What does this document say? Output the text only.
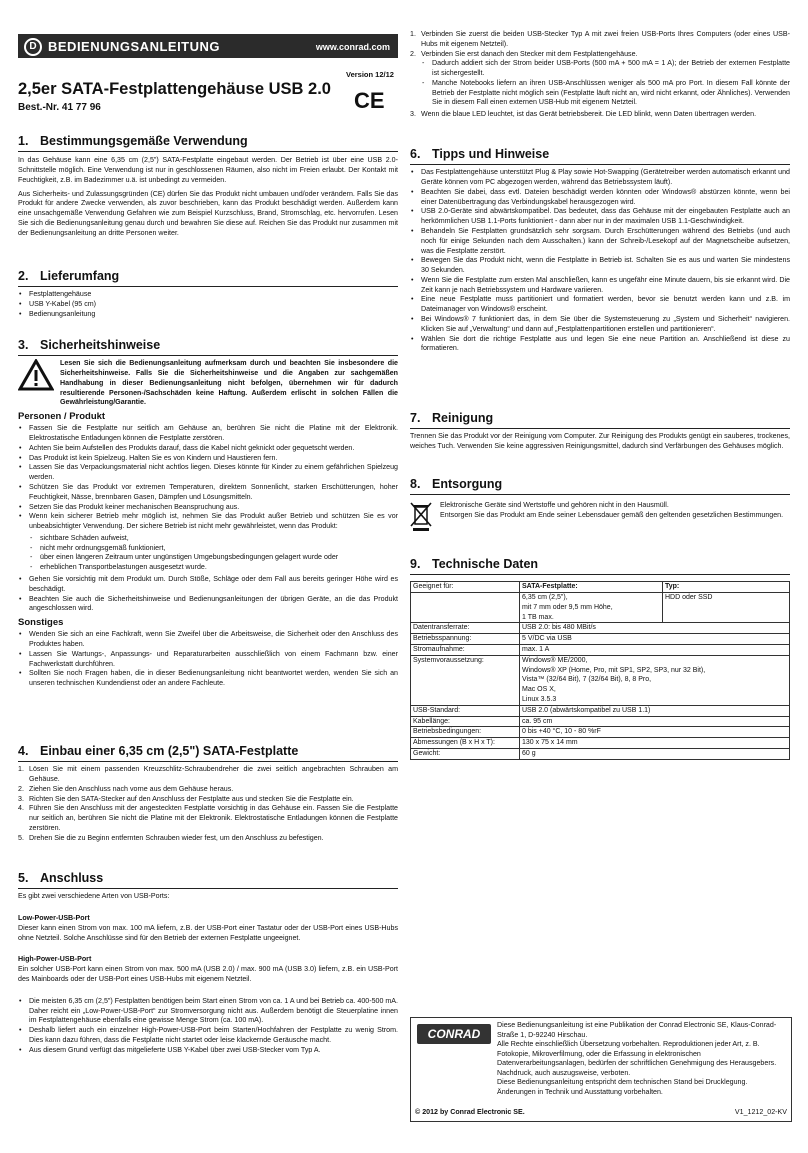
D BEDIENUNGSANLEITUNG	www.conrad.com
2,5er SATA-Festplattengehäuse USB 2.0
Version 12/12
Best.-Nr. 41 77 96	CE
1. Bestimmungsgemäße Verwendung

In das Gehäuse kann eine 6,35 cm (2,5") SATA-Festplatte eingebaut werden. Der Betrieb ist über eine USB 2.0-Schnittstelle möglich. Eine Verwendung ist nur in geschlossenen Räumen, also nicht im Freien erlaubt. Der Kontakt mit Feuchtigkeit, z.B. im Badezimmer u.ä. ist unbedingt zu vermeiden.

Aus Sicherheits- und Zulassungsgründen (CE) dürfen Sie das Produkt nicht umbauen und/oder verändern. Falls Sie das Produkt für andere Zwecke verwenden, als zuvor beschrieben, kann das Produkt beschädigt werden. Außerdem kann eine unsachgemäße Verwendung Gefahren wie zum Beispiel Kurzschluss, Brand, Stromschlag, etc. hervorrufen. Lesen Sie sich die Bedienungsanleitung genau durch und bewahren Sie diese auf. Reichen Sie das Produkt nur zusammen mit der Bedienungsanleitung an dritte Personen weiter.

2. Lieferumfang
• Festplattengehäuse
• USB Y-Kabel (95 cm)
• Bedienungsanleitung
3. Sicherheitshinweise
Lesen Sie sich die Bedienungsanleitung aufmerksam durch und beachten Sie insbesondere die Sicherheitshinweise. Falls Sie die Sicherheitshinweise und die Angaben zur sachgemäßen Handhabung in dieser Bedienungsanleitung nicht befolgen, übernehmen wir für dadurch resultierende Personen-/Sachschäden keine Haftung. Außerdem erlischt in solchen Fällen die Gewährleistung/Garantie.
Personen / Produkt
• Fassen Sie die Festplatte nur seitlich am Gehäuse an, berühren Sie nicht die Platine mit der Elektronik. Elektrostatische Entladungen können die Festplatte zerstören.
• Achten Sie beim Aufstellen des Produkts darauf, dass die Kabel nicht geknickt oder gequetscht werden.
• Das Produkt ist kein Spielzeug. Halten Sie es von Kindern und Haustieren fern.
• Lassen Sie das Verpackungsmaterial nicht achtlos liegen. Dieses könnte für Kinder zu einem gefährlichen Spielzeug werden.
• Schützen Sie das Produkt vor extremen Temperaturen, direktem Sonnenlicht, starken Erschütterungen, hoher Feuchtigkeit, Nässe, brennbaren Gasen, Dämpfen und Lösungsmitteln.
• Setzen Sie das Produkt keiner mechanischen Beanspruchung aus.
• Wenn kein sicherer Betrieb mehr möglich ist, nehmen Sie das Produkt außer Betrieb und schützen Sie es vor unbeabsichtigter Verwendung. Der sichere Betrieb ist nicht mehr gewährleistet, wenn das Produkt:
- sichtbare Schäden aufweist,
- nicht mehr ordnungsgemäß funktioniert,
- über einen längeren Zeitraum unter ungünstigen Umgebungsbedingungen gelagert wurde oder
- erheblichen Transportbelastungen ausgesetzt wurde.
• Gehen Sie vorsichtig mit dem Produkt um. Durch Stöße, Schläge oder dem Fall aus bereits geringer Höhe wird es beschädigt.
• Beachten Sie auch die Sicherheitshinweise und Bedienungsanleitungen der übrigen Geräte, an die das Produkt angeschlossen wird.
Sonstiges
• Wenden Sie sich an eine Fachkraft, wenn Sie Zweifel über die Arbeitsweise, die Sicherheit oder den Anschluss des Produktes haben.
• Lassen Sie Wartungs-, Anpassungs- und Reparaturarbeiten ausschließlich von einem Fachmann bzw. einer Fachwerkstatt durchführen.
• Sollten Sie noch Fragen haben, die in dieser Bedienungsanleitung nicht beantwortet werden, wenden Sie sich an unseren technischen Kundendienst oder an andere Fachleute.
4. Einbau einer 6,35 cm (2,5") SATA-Festplatte
1. Lösen Sie mit einem passenden Kreuzschlitz-Schraubendreher die zwei seitlich angebrachten Schrauben am Gehäuse.
2. Ziehen Sie den Anschluss nach vorne aus dem Gehäuse heraus.
3. Richten Sie den SATA-Stecker auf den Anschluss der Festplatte aus und stecken Sie die Festplatte ein.
4. Führen Sie den Anschluss mit der angesteckten Festplatte vorsichtig in das Gehäuse ein. Fassen Sie die Festplatte nur seitlich an, berühren Sie nicht die Platine mit der Elektronik. Elektrostatische Entladungen können die Festplatte zerstören.
5. Drehen Sie die zu Beginn entfernten Schrauben wieder fest, um den Anschluss zu befestigen.
5. Anschluss

Es gibt zwei verschiedene Arten von USB-Ports:

Low-Power-USB-Port

Dieser kann einen Strom von max. 100 mA liefern, z.B. der USB-Port einer Tastatur oder der USB-Port eines USB-Hubs ohne Netzteil. Solche Anschlüsse sind für den Betrieb der externen Festplatte ungeeignet.

High-Power-USB-Port

Ein solcher USB-Port kann einen Strom von max. 500 mA (USB 2.0) / max. 900 mA (USB 3.0) liefern, z.B. ein USB-Port des Mainboards oder der USB-Port eines USB-Hubs mit eigenem Netzteil.

• Die meisten 6,35 cm (2,5") Festplatten benötigen beim Start einen Strom von ca. 1 A und bei Betrieb ca. 400-500 mA. Daher reicht ein „Low-Power-USB-Port“ zur Stromversorgung nicht aus. Außerdem benötigt die Steuerplatine innen im Festplattengehäuse ebenfalls eine gewisse Menge Strom (ca. 100 mA).
• Deshalb liefert auch ein einzelner High-Power-USB-Port beim Starten/Hochfahren der Festplatte zu wenig Strom. Dies kann dazu führen, dass die Festplatte nicht startet oder leise klackernde Geräusche macht.
• Aus diesem Grund verfügt das mitgelieferte USB Y-Kabel über zwei USB-Stecker vom Typ A.
1. Verbinden Sie zuerst die beiden USB-Stecker Typ A mit zwei freien USB-Ports Ihres Computers (oder eines USB-Hubs mit eigenem Netzteil).
2. Verbinden Sie erst danach den Stecker mit dem Festplattengehäuse.
- Dadurch addiert sich der Strom beider USB-Ports (500 mA + 500 mA = 1 A); der Betrieb der externen Festplatte ist sichergestellt.
- Manche Notebooks liefern an ihren USB-Anschlüssen weniger als 500 mA pro Port. In diesem Fall könnte der Betrieb der Festplatte nicht möglich sein (Festplatte läuft nicht an, wird nicht erkannt, oder Ähnliches). Verwenden Sie in diesem Fall einen externen USB-Hub mit eigenem Netzteil.
3. Wenn die blaue LED leuchtet, ist das Gerät betriebsbereit. Die LED blinkt, wenn Daten übertragen werden.
6. Tipps und Hinweise
• Das Festplattengehäuse unterstützt Plug & Play sowie Hot-Swapping (Gerätetreiber werden automatisch erkannt und Geräte können vom PC abgezogen werden, während das Betriebssystem läuft).
• Beachten Sie dabei, dass evtl. Dateien beschädigt werden könnten oder Windows® abstürzen könnte, wenn bei einer Datenübertragung das Verbindungskabel herausgezogen wird.
• USB 2.0-Geräte sind abwärtskompatibel. Das bedeutet, dass das Gehäuse mit der eingebauten Festplatte auch an herkömmlichen USB 1.1-Ports funktioniert - dann aber nur in der maximalen USB 1.1-Geschwindigkeit.
• Behandeln Sie Festplatten grundsätzlich sehr sorgsam. Durch Erschütterungen während des Betriebs (und auch noch für einige Sekunden nach dem Ausschalten.) kann der Schreib-/Lesekopf auf der Magnetscheibe aufsetzen, was die Festplatte zerstört.
• Bewegen Sie das Produkt nicht, wenn die Festplatte in Betrieb ist. Schalten Sie es aus und warten Sie mindestens 30 Sekunden.
• Wenn Sie die Festplatte zum ersten Mal anschließen, kann es ungefähr eine Minute dauern, bis sie erkannt wird. Die Zeit kann je nach Betriebssystem und Hardware variieren.
• Eine neue Festplatte muss partitioniert und formatiert werden, bevor sie benutzt werden kann und z.B. im Dateimanager von Windows® erscheint.
• Bei Windows® 7 funktioniert das, in dem Sie über die Systemsteuerung zu „System und Sicherheit“ navigieren. Klicken Sie auf „Verwaltung“ und dann auf „Festplattenpartitionen erstellen und partitionieren“.
• Wählen Sie dort die richtige Festplatte aus und legen Sie eine neue Partition an. Anschließend ist diese zu formatieren.
7. Reinigung

Trennen Sie das Produkt vor der Reinigung vom Computer. Zur Reinigung des Produkts genügt ein sauberes, trockenes, weiches Tuch. Verwenden Sie keine aggressiven Reinigungsmittel, dadurch sind Verfärbungen des Gehäuses möglich.

8. Entsorgung
Elektronische Geräte sind Wertstoffe und gehören nicht in den Hausmüll.
Entsorgen Sie das Produkt am Ende seiner Lebensdauer gemäß den geltenden gesetzlichen Bestimmungen.
9. Technische Daten
Geeignet für:	SATA-Festplatte:	Typ:
	6,35 cm (2,5"),
mit 7 mm oder 9,5 mm Höhe,
1 TB max.	HDD oder SSD
Datentransferrate:	USB 2.0: bis 480 MBit/s	
Betriebsspannung:	5 V/DC via USB	
Stromaufnahme:	max. 1 A	
Systemvoraussetzung:	Windows® ME/2000,
Windows® XP (Home, Pro, mit SP1, SP2, SP3, nur 32 Bit),
Vista™ (32/64 Bit), 7 (32/64 Bit), 8, 8 Pro,
Mac OS X,
Linux 3.5.3	
USB-Standard:	USB 2.0 (abwärtskompatibel zu USB 1.1)	
Kabellänge:	ca. 95 cm	
Betriebsbedingungen:	0 bis +40 °C, 10 - 80 %rF	
Abmessungen (B x H x T):	130 x 75 x 14 mm	
Gewicht:	60 g	
CONRAD
Diese Bedienungsanleitung ist eine Publikation der Conrad Electronic SE, Klaus-Conrad-Straße 1, D-92240 Hirschau.
Alle Rechte einschließlich Übersetzung vorbehalten. Reproduktionen jeder Art, z. B. Fotokopie, Mikroverfilmung, oder die Erfassung in elektronischen Datenverarbeitungsanlagen, bedürfen der schriftlichen Genehmigung des Herausgebers. Nachdruck, auch auszugsweise, verboten.
Diese Bedienungsanleitung entspricht dem technischen Stand bei Drucklegung.
Änderungen in Technik und Ausstattung vorbehalten.
© 2012 by Conrad Electronic SE.	V1_1212_02-KV
